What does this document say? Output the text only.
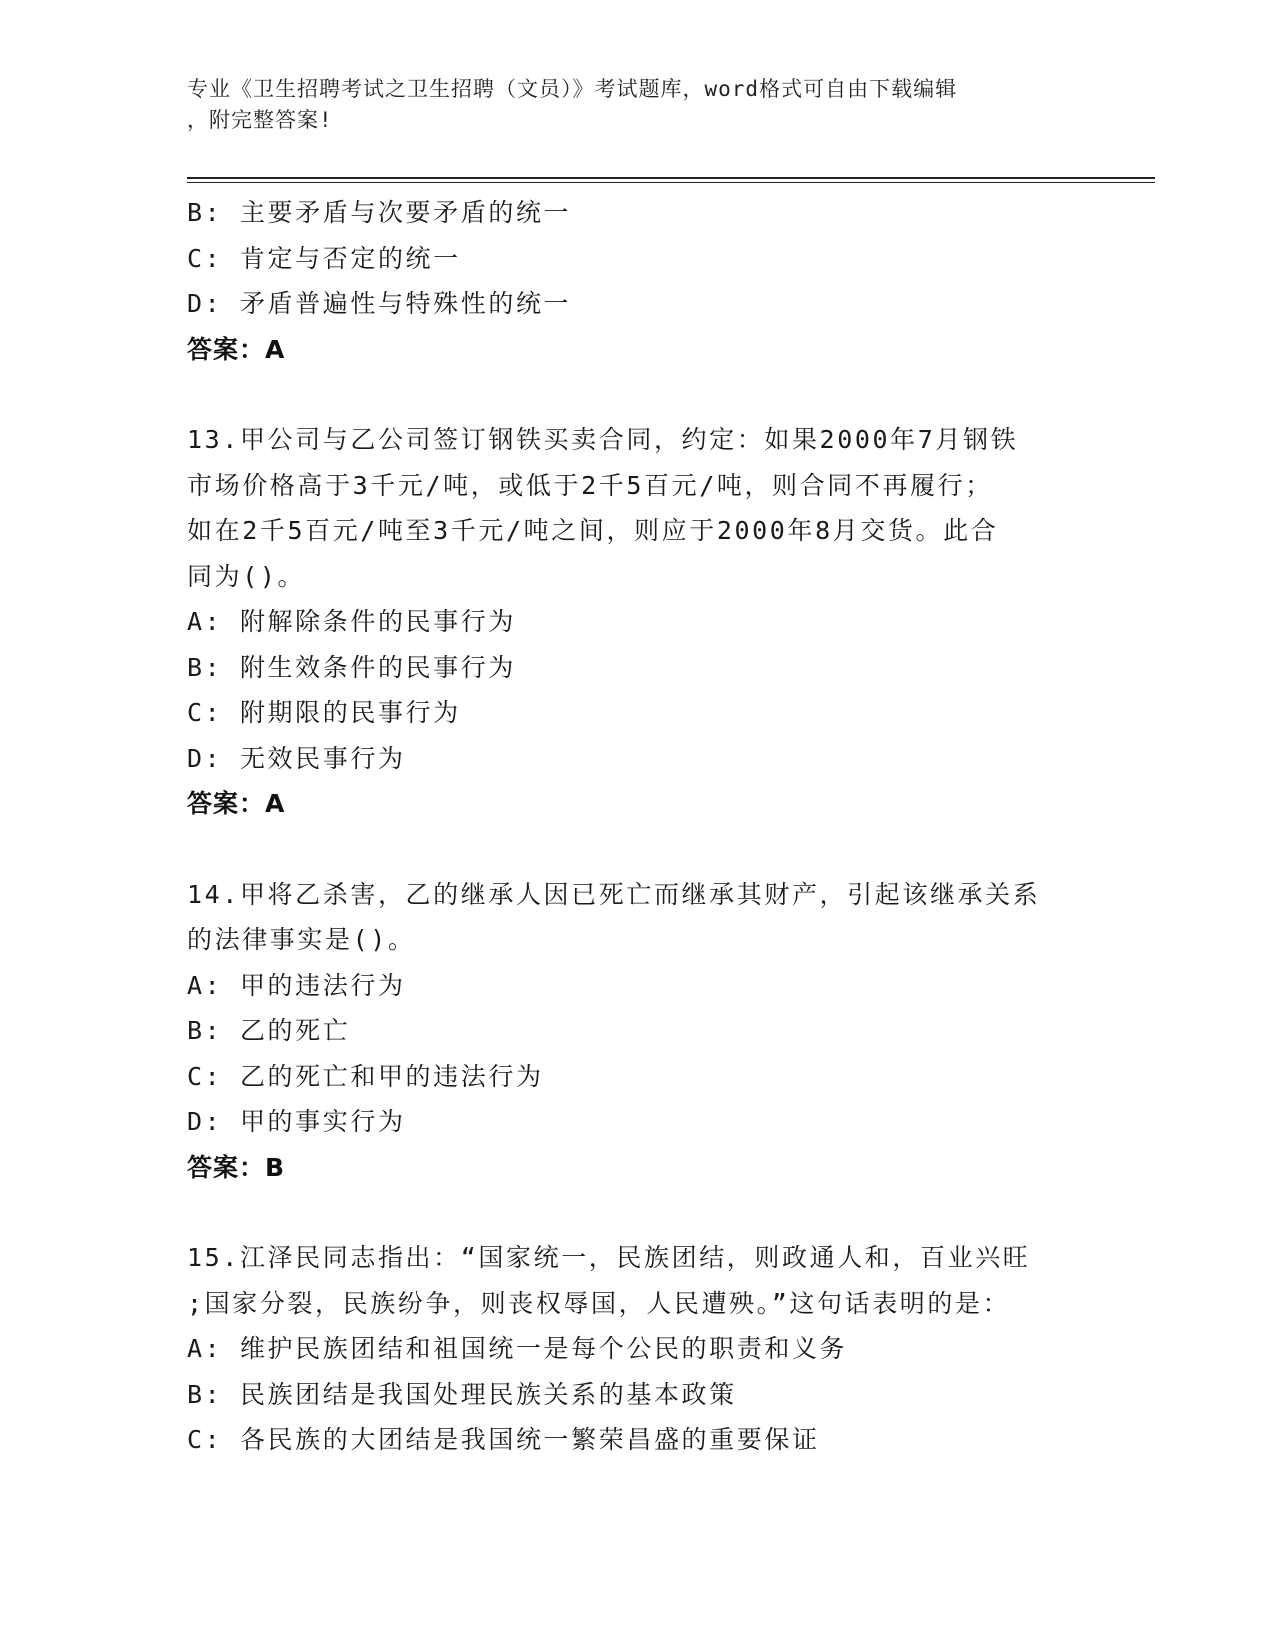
专业《卫生招聘考试之卫生招聘（文员）》考试题库，word格式可自由下载编辑
，附完整答案!
B: 主要矛盾与次要矛盾的统一
C: 肯定与否定的统一
D: 矛盾普遍性与特殊性的统一
答案：A
13.甲公司与乙公司签订钢铁买卖合同，约定：如果2000年7月钢铁
市场价格高于3千元/吨，或低于2千5百元/吨，则合同不再履行；
如在2千5百元/吨至3千元/吨之间，则应于2000年8月交货。此合
同为()。
A: 附解除条件的民事行为
B: 附生效条件的民事行为
C: 附期限的民事行为
D: 无效民事行为
答案：A
14.甲将乙杀害，乙的继承人因已死亡而继承其财产，引起该继承关系
的法律事实是()。
A: 甲的违法行为
B: 乙的死亡
C: 乙的死亡和甲的违法行为
D: 甲的事实行为
答案：B
15.江泽民同志指出：“国家统一，民族团结，则政通人和，百业兴旺
;国家分裂，民族纷争，则丧权辱国，人民遭殃。”这句话表明的是：
A: 维护民族团结和祖国统一是每个公民的职责和义务
B: 民族团结是我国处理民族关系的基本政策
C: 各民族的大团结是我国统一繁荣昌盛的重要保证
